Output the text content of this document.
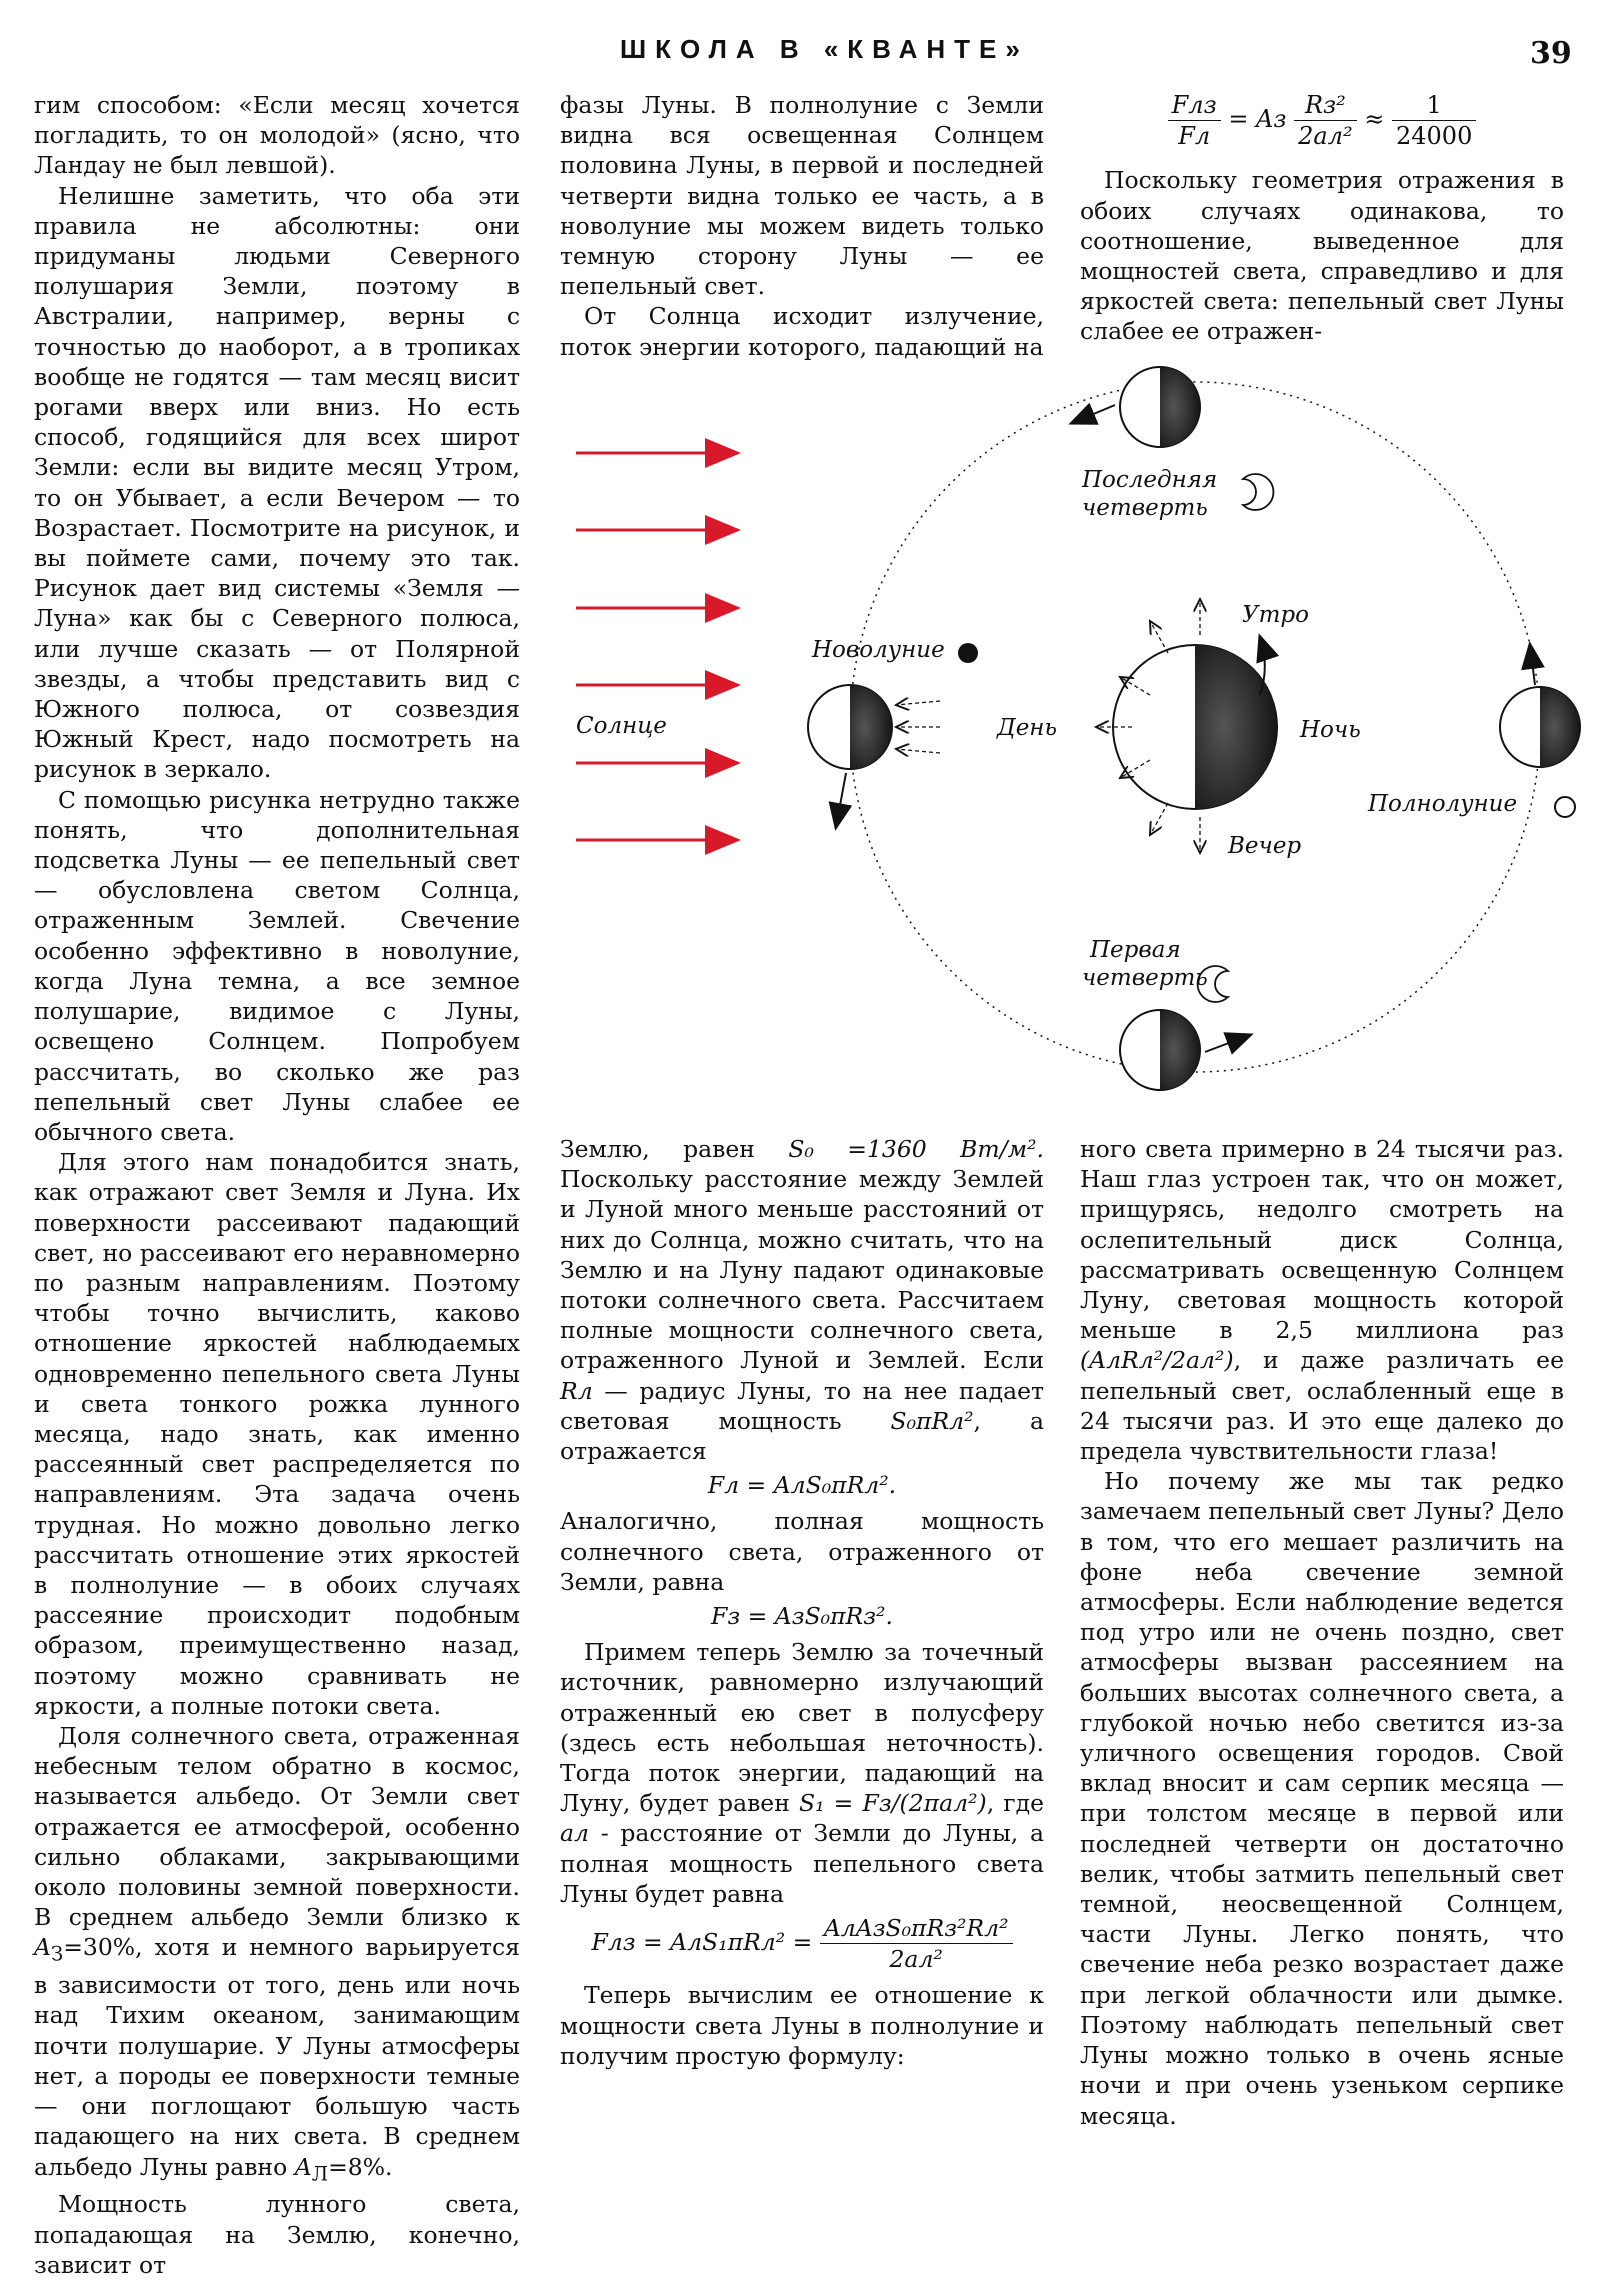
ШКОЛА В «КВАНТЕ»	39

гим способом: «Если месяц хочется погладить, то он молодой» (ясно, что Ландау не был левшой).

Нелишне заметить, что оба эти правила не абсолютны: они придуманы людьми Северного полушария Земли, поэтому в Австралии, например, верны с точностью до наоборот, а в тропиках вообще не годятся — там месяц висит рогами вверх или вниз. Но есть способ, годящийся для всех широт Земли: если вы видите месяц Утром, то он Убывает, а если Вечером — то Возрастает. Посмотрите на рисунок, и вы поймете сами, почему это так. Рисунок дает вид системы «Земля — Луна» как бы с Северного полюса, или лучше сказать — от Полярной звезды, а чтобы представить вид с Южного полюса, от созвездия Южный Крест, надо посмотреть на рисунок в зеркало.

С помощью рисунка нетрудно также понять, что дополнительная подсветка Луны — ее пепельный свет — обусловлена светом Солнца, отраженным Землей. Свечение особенно эффективно в новолуние, когда Луна темна, а все земное полушарие, видимое с Луны, освещено Солнцем. Попробуем рассчитать, во сколько же раз пепельный свет Луны слабее ее обычного света.

Для этого нам понадобится знать, как отражают свет Земля и Луна. Их поверхности рассеивают падающий свет, но рассеивают его неравномерно по разным направлениям. Поэтому чтобы точно вычислить, каково отношение яркостей наблюдаемых одновременно пепельного света Луны и света тонкого рожка лунного месяца, надо знать, как именно рассеянный свет распределяется по направлениям. Эта задача очень трудная. Но можно довольно легко рассчитать отношение этих яркостей в полнолуние — в обоих случаях рассеяние происходит подобным образом, преимущественно назад, поэтому можно сравнивать не яркости, а полные потоки света.

Доля солнечного света, отраженная небесным телом обратно в космос, называется альбедо. От Земли свет отражается ее атмосферой, особенно сильно облаками, закрывающими около половины земной поверхности. В среднем альбедо Земли близко к $A_З=30\%$, хотя и немного варьируется в зависимости от того, день или ночь над Тихим океаном, занимающим почти полушарие. У Луны атмосферы нет, а породы ее поверхности темные — они поглощают большую часть падающего на них света. В среднем альбедо Луны равно $A_Л=8\%$.

Мощность лунного света, попадающая на Землю, конечно, зависит от

фазы Луны. В полнолуние с Земли видна вся освещенная Солнцем половина Луны, в первой и последней четверти видна только ее часть, а в новолуние мы можем видеть только темную сторону Луны — ее пепельный свет.

От Солнца исходит излучение, поток энергии которого, падающий на

$\frac{\text{Fлз}}{Fл}$ = Aз $\frac{\text{Rз²}}{\text{2aл²}} \approx \frac{1}{24000}$

Поскольку геометрия отражения в обоих случаях одинакова, то соотношение, выведенное для мощностей света, справедливо и для яркостей света: пепельный свет Луны слабее ее отражен-

Солнце
Новолуние
Полнолуние
Последняя
четверть
Первая
четверть
Утро
Вечер
День	Ночь

Землю, равен S₀ =1360 Вт/м². Поскольку расстояние между Землей и Луной много меньше расстояний от них до Солнца, можно считать, что на Землю и на Луну падают одинаковые потоки солнечного света. Рассчитаем полные мощности солнечного света, отраженного Луной и Землей. Если Rл — радиус Луны, то на нее падает световая мощность S₀πRл², а отражается

Fл = AлS₀πRл².

Аналогично, полная мощность солнечного света, отраженного от Земли, равна

Fз = AзS₀πRз².

Примем теперь Землю за точечный источник, равномерно излучающий отраженный ею свет в полусферу (здесь есть небольшая неточность). Тогда поток энергии, падающий на Луну, будет равен S₁ = Fз/(2πaл²), где aл - расстояние от Земли до Луны, а полная мощность пепельного света Луны будет равна

Fлз = $AлS_1\pi Rл^2 = \frac{\text{AлAзS₀πRз²Rл²}}{\text{2aл²}}$

Теперь вычислим ее отношение к мощности света Луны в полнолуние и получим простую формулу:

ного света примерно в 24 тысячи раз. Наш глаз устроен так, что он может, прищурясь, недолго смотреть на ослепительный диск Солнца, рассматривать освещенную Солнцем Луну, световая мощность которой меньше в 2,5 миллиона раз (AлRл²/2aл²), и даже различать ее пепельный свет, ослабленный еще в 24 тысячи раз. И это еще далеко до предела чувствительности глаза!

Но почему же мы так редко замечаем пепельный свет Луны? Дело в том, что его мешает различить на фоне неба свечение земной атмосферы. Если наблюдение ведется под утро или не очень поздно, свет атмосферы вызван рассеянием на больших высотах солнечного света, а глубокой ночью небо светится из-за уличного освещения городов. Свой вклад вносит и сам серпик месяца — при толстом месяце в первой или последней четверти он достаточно велик, чтобы затмить пепельный свет темной, неосвещенной Солнцем, части Луны. Легко понять, что свечение неба резко возрастает даже при легкой облачности или дымке. Поэтому наблюдать пепельный свет Луны можно только в очень ясные ночи и при очень узеньком серпике месяца.
